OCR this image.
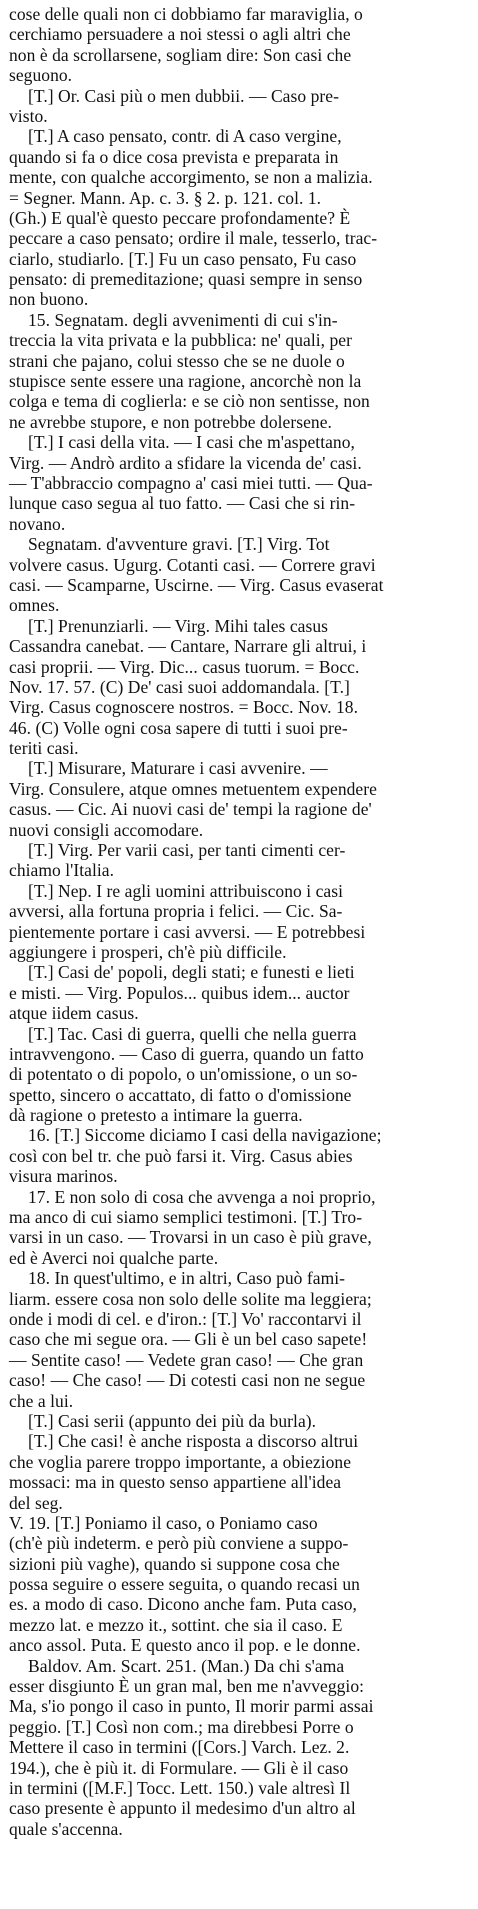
cose delle quali non ci dobbiamo far maraviglia, o
cerchiamo persuadere a noi stessi o agli altri che
non è da scrollarsene, sogliam dire: Son casi che
seguono.
[T.] Or. Casi più o men dubbii. — Caso pre-
visto.
[T.] A caso pensato, contr. di A caso vergine,
quando si fa o dice cosa prevista e preparata in
mente, con qualche accorgimento, se non a malizia.
= Segner. Mann. Ap. c. 3. § 2. p. 121. col. 1.
(Gh.) E qual'è questo peccare profondamente? È
peccare a caso pensato; ordire il male, tesserlo, trac-
ciarlo, studiarlo. [T.] Fu un caso pensato, Fu caso
pensato: di premeditazione; quasi sempre in senso
non buono.
15. Segnatam. degli avvenimenti di cui s'in-
treccia la vita privata e la pubblica: ne' quali, per
strani che pajano, colui stesso che se ne duole o
stupisce sente essere una ragione, ancorchè non la
colga e tema di coglierla: e se ciò non sentisse, non
ne avrebbe stupore, e non potrebbe dolersene.
[T.] I casi della vita. — I casi che m'aspettano,
Virg. — Andrò ardito a sfidare la vicenda de' casi.
— T'abbraccio compagno a' casi miei tutti. — Qua-
lunque caso segua al tuo fatto. — Casi che si rin-
novano.
Segnatam. d'avventure gravi. [T.] Virg. Tot
volvere casus. Ugurg. Cotanti casi. — Correre gravi
casi. — Scamparne, Uscirne. — Virg. Casus evaserat
omnes.
[T.] Prenunziarli. — Virg. Mihi tales casus
Cassandra canebat. — Cantare, Narrare gli altrui, i
casi proprii. — Virg. Dic... casus tuorum. = Bocc.
Nov. 17. 57. (C) De' casi suoi addomandala. [T.]
Virg. Casus cognoscere nostros. = Bocc. Nov. 18.
46. (C) Volle ogni cosa sapere di tutti i suoi pre-
teriti casi.
[T.] Misurare, Maturare i casi avvenire. —
Virg. Consulere, atque omnes metuentem expendere
casus. — Cic. Ai nuovi casi de' tempi la ragione de'
nuovi consigli accomodare.
[T.] Virg. Per varii casi, per tanti cimenti cer-
chiamo l'Italia.
[T.] Nep. I re agli uomini attribuiscono i casi
avversi, alla fortuna propria i felici. — Cic. Sa-
pientemente portare i casi avversi. — E potrebbesi
aggiungere i prosperi, ch'è più difficile.
[T.] Casi de' popoli, degli stati; e funesti e lieti
e misti. — Virg. Populos... quibus idem... auctor
atque iidem casus.
[T.] Tac. Casi di guerra, quelli che nella guerra
intravvengono. — Caso di guerra, quando un fatto
di potentato o di popolo, o un'omissione, o un so-
spetto, sincero o accattato, di fatto o d'omissione
dà ragione o pretesto a intimare la guerra.
16. [T.] Siccome diciamo I casi della navigazione;
così con bel tr. che può farsi it. Virg. Casus abies
visura marinos.
17. E non solo di cosa che avvenga a noi proprio,
ma anco di cui siamo semplici testimoni. [T.] Tro-
varsi in un caso. — Trovarsi in un caso è più grave,
ed è Averci noi qualche parte.
18. In quest'ultimo, e in altri, Caso può fami-
liarm. essere cosa non solo delle solite ma leggiera;
onde i modi di cel. e d'iron.: [T.] Vo' raccontarvi il
caso che mi segue ora. — Gli è un bel caso sapete!
— Sentite caso! — Vedete gran caso! — Che gran
caso! — Che caso! — Di cotesti casi non ne segue
che a lui.
[T.] Casi serii (appunto dei più da burla).
[T.] Che casi! è anche risposta a discorso altrui
che voglia parere troppo importante, a obiezione
mossaci: ma in questo senso appartiene all'idea
del seg.
V. 19. [T.] Poniamo il caso, o Poniamo caso
(ch'è più indeterm. e però più conviene a suppo-
sizioni più vaghe), quando si suppone cosa che
possa seguire o essere seguita, o quando recasi un
es. a modo di caso. Dicono anche fam. Puta caso,
mezzo lat. e mezzo it., sottint. che sia il caso. E
anco assol. Puta. E questo anco il pop. e le donne.
Baldov. Am. Scart. 251. (Man.) Da chi s'ama
esser disgiunto È un gran mal, ben me n'avveggio:
Ma, s'io pongo il caso in punto, Il morir parmi assai
peggio. [T.] Così non com.; ma direbbesi Porre o
Mettere il caso in termini ([Cors.] Varch. Lez. 2.
194.), che è più it. di Formulare. — Gli è il caso
in termini ([M.F.] Tocc. Lett. 150.) vale altresì Il
caso presente è appunto il medesimo d'un altro al
quale s'accenna.
